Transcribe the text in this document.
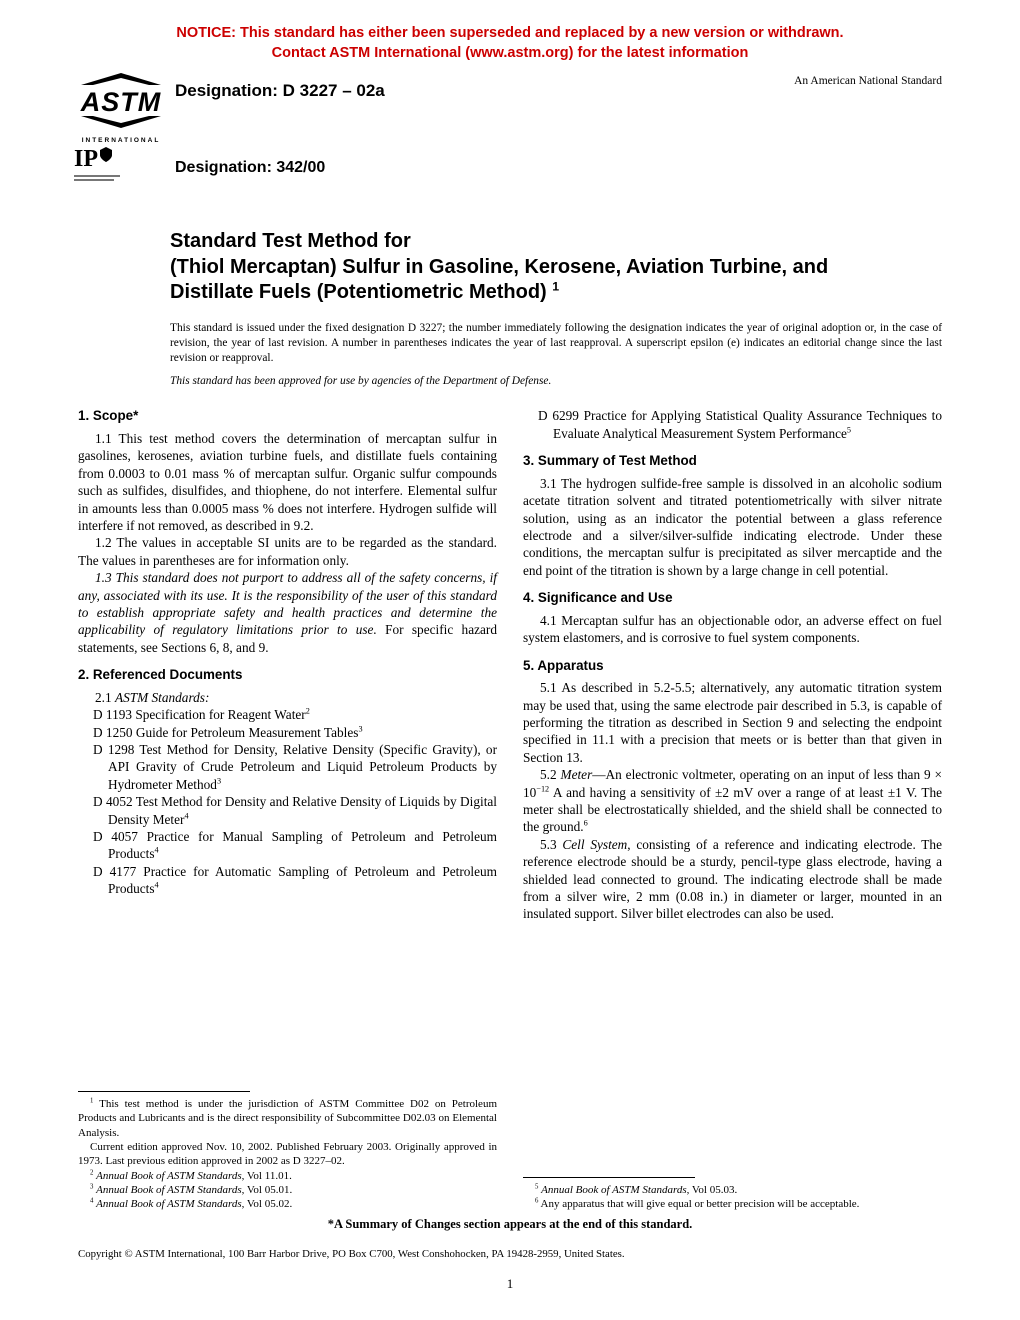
NOTICE: This standard has either been superseded and replaced by a new version or withdrawn.
Contact ASTM International (www.astm.org) for the latest information
ASTM
INTERNATIONAL
Designation: D 3227 – 02a	An American National Standard
IP	Designation: 342/00
Standard Test Method for
(Thiol Mercaptan) Sulfur in Gasoline, Kerosene, Aviation Turbine, and Distillate Fuels (Potentiometric Method) $^1$
This standard is issued under the fixed designation D 3227; the number immediately following the designation indicates the year of original adoption or, in the case of revision, the year of last revision. A number in parentheses indicates the year of last reapproval. A superscript epsilon (e) indicates an editorial change since the last revision or reapproval.
This standard has been approved for use by agencies of the Department of Defense.
1. Scope*

1.1 This test method covers the determination of mercaptan sulfur in gasolines, kerosenes, aviation turbine fuels, and distillate fuels containing from 0.0003 to 0.01 mass % of mercaptan sulfur. Organic sulfur compounds such as sulfides, disulfides, and thiophene, do not interfere. Elemental sulfur in amounts less than 0.0005 mass % does not interfere. Hydrogen sulfide will interfere if not removed, as described in 9.2.

1.2 The values in acceptable SI units are to be regarded as the standard. The values in parentheses are for information only.

1.3 This standard does not purport to address all of the safety concerns, if any, associated with its use. It is the responsibility of the user of this standard to establish appropriate safety and health practices and determine the applicability of regulatory limitations prior to use. For specific hazard statements, see Sections 6, 8, and 9.

2. Referenced Documents

2.1 ASTM Standards:

D 1193 Specification for Reagent Water$^2$

D 1250 Guide for Petroleum Measurement Tables$^3$

D 1298 Test Method for Density, Relative Density (Specific Gravity), or API Gravity of Crude Petroleum and Liquid Petroleum Products by Hydrometer Method$^3$

D 4052 Test Method for Density and Relative Density of Liquids by Digital Density Meter$^4$

D 4057 Practice for Manual Sampling of Petroleum and Petroleum Products$^4$

D 4177 Practice for Automatic Sampling of Petroleum and Petroleum Products$^4$

$^1$ This test method is under the jurisdiction of ASTM Committee D02 on Petroleum Products and Lubricants and is the direct responsibility of Subcommittee D02.03 on Elemental Analysis.

Current edition approved Nov. 10, 2002. Published February 2003. Originally approved in 1973. Last previous edition approved in 2002 as D 3227–02.

$^2$ Annual Book of ASTM Standards, Vol 11.01.

$^3$ Annual Book of ASTM Standards, Vol 05.01.

$^4$ Annual Book of ASTM Standards, Vol 05.02.

D 6299 Practice for Applying Statistical Quality Assurance Techniques to Evaluate Analytical Measurement System Performance$^5$

3. Summary of Test Method

3.1 The hydrogen sulfide-free sample is dissolved in an alcoholic sodium acetate titration solvent and titrated potentiometrically with silver nitrate solution, using as an indicator the potential between a glass reference electrode and a silver/silver-sulfide indicating electrode. Under these conditions, the mercaptan sulfur is precipitated as silver mercaptide and the end point of the titration is shown by a large change in cell potential.

4. Significance and Use

4.1 Mercaptan sulfur has an objectionable odor, an adverse effect on fuel system elastomers, and is corrosive to fuel system components.

5. Apparatus

5.1 As described in 5.2-5.5; alternatively, any automatic titration system may be used that, using the same electrode pair described in 5.3, is capable of performing the titration as described in Section 9 and selecting the endpoint specified in 11.1 with a precision that meets or is better than that given in Section 13.

5.2 Meter—An electronic voltmeter, operating on an input of less than $9 \times 10^{-12}$ A and having a sensitivity of ±2 mV over a range of at least ±1 V. The meter shall be electrostatically shielded, and the shield shall be connected to the ground.$^6$

5.3 Cell System, consisting of a reference and indicating electrode. The reference electrode should be a sturdy, pencil-type glass electrode, having a shielded lead connected to ground. The indicating electrode shall be made from a silver wire, 2 mm (0.08 in.) in diameter or larger, mounted in an insulated support. Silver billet electrodes can also be used.

$^5$ Annual Book of ASTM Standards, Vol 05.03.

$^6$ Any apparatus that will give equal or better precision will be acceptable.

*A Summary of Changes section appears at the end of this standard.
Copyright © ASTM International, 100 Barr Harbor Drive, PO Box C700, West Conshohocken, PA 19428-2959, United States.
1
